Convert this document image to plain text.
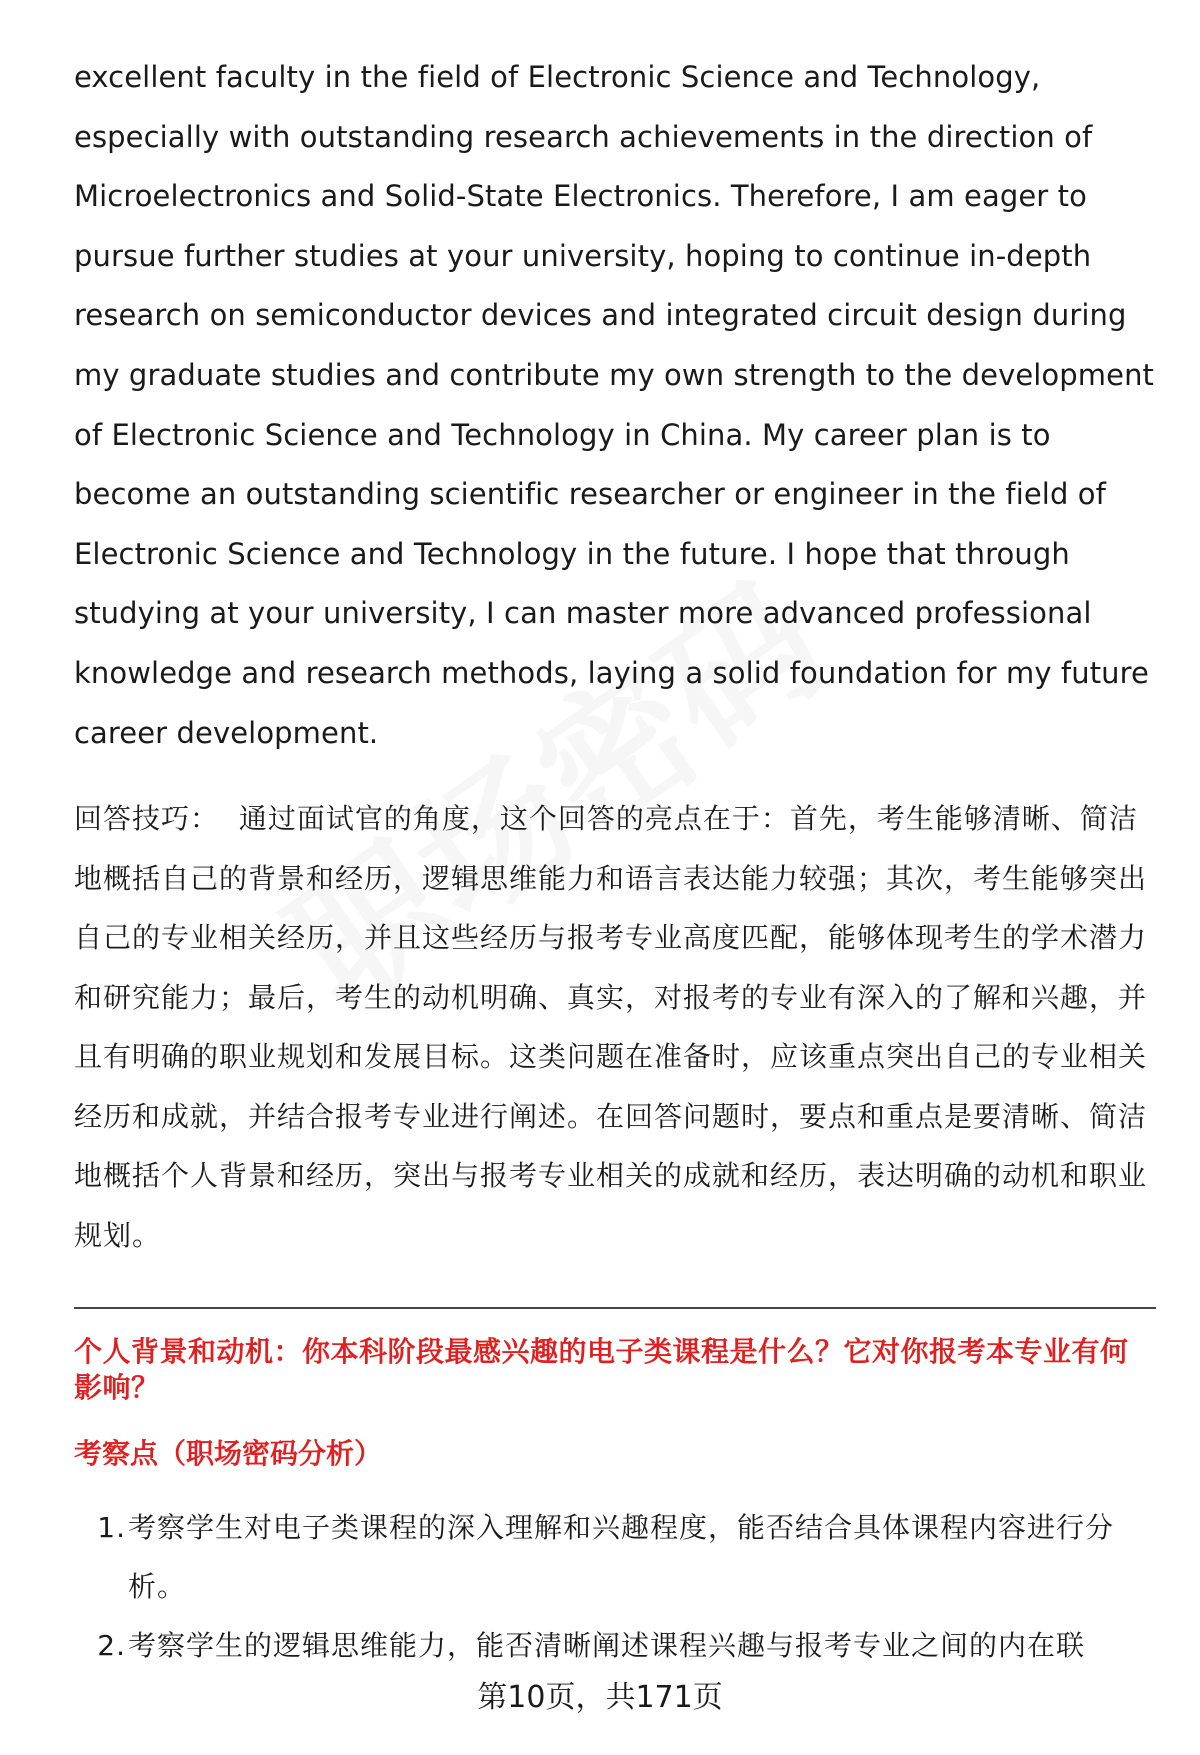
excellent faculty in the field of Electronic Science and Technology, especially with outstanding research achievements in the direction of Microelectronics and Solid-State Electronics. Therefore, I am eager to pursue further studies at your university, hoping to continue in-depth research on semiconductor devices and integrated circuit design during my graduate studies and contribute my own strength to the development of Electronic Science and Technology in China. My career plan is to become an outstanding scientific researcher or engineer in the field of Electronic Science and Technology in the future. I hope that through studying at your university, I can master more advanced professional knowledge and research methods, laying a solid foundation for my future career development.

回答技巧： 通过面试官的角度，这个回答的亮点在于：首先，考生能够清晰、简洁地概括自己的背景和经历，逻辑思维能力和语言表达能力较强；其次，考生能够突出自己的专业相关经历，并且这些经历与报考专业高度匹配，能够体现考生的学术潜力和研究能力；最后，考生的动机明确、真实，对报考的专业有深入的了解和兴趣，并且有明确的职业规划和发展目标。这类问题在准备时，应该重点突出自己的专业相关经历和成就，并结合报考专业进行阐述。在回答问题时，要点和重点是要清晰、简洁地概括个人背景和经历，突出与报考专业相关的成就和经历，表达明确的动机和职业规划。

个人背景和动机：你本科阶段最感兴趣的电子类课程是什么？它对你报考本专业有何影响？

考察点（职场密码分析）

1. 考察学生对电子类课程的深入理解和兴趣程度，能否结合具体课程内容进行分析。
2. 考察学生的逻辑思维能力，能否清晰阐述课程兴趣与报考专业之间的内在联
第10页，共171页
